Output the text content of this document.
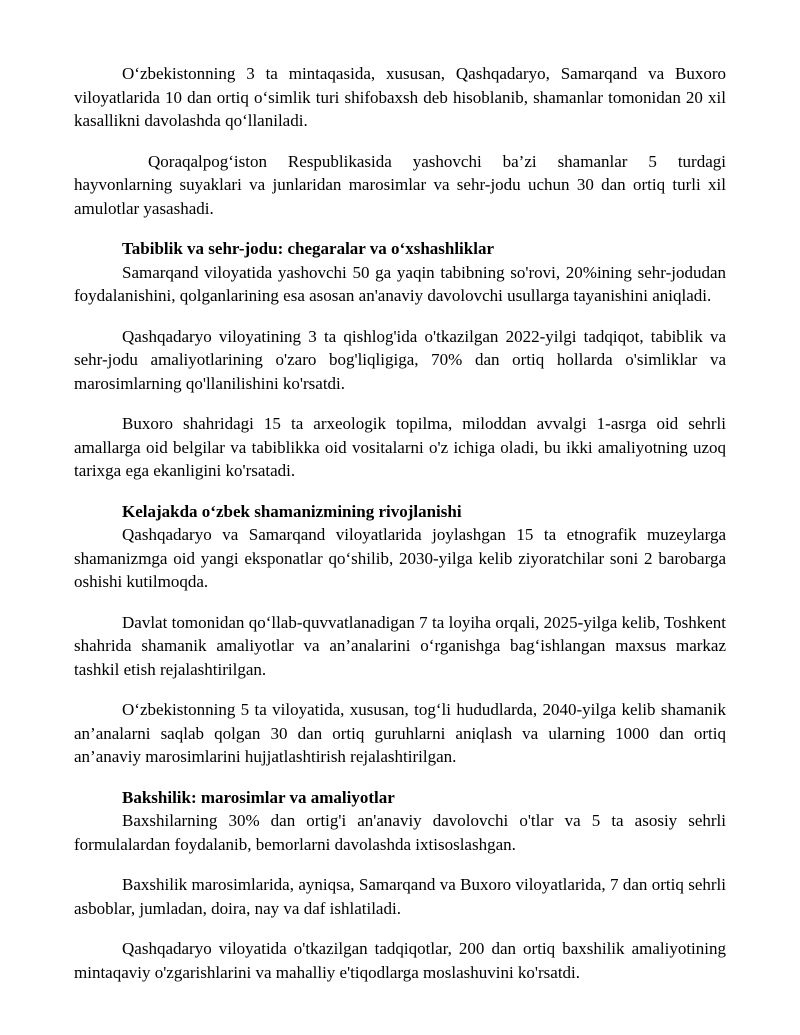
O‘zbekistonning 3 ta mintaqasida, xususan, Qashqadaryo, Samarqand va Buxoro viloyatlarida 10 dan ortiq o‘simlik turi shifobaxsh deb hisoblanib, shamanlar tomonidan 20 xil kasallikni davolashda qo‘llaniladi.

Qoraqalpog‘iston Respublikasida yashovchi ba’zi shamanlar 5 turdagi hayvonlarning suyaklari va junlaridan marosimlar va sehr-jodu uchun 30 dan ortiq turli xil amulotlar yasashadi.

Tabiblik va sehr-jodu: chegaralar va o‘xshashliklar

Samarqand viloyatida yashovchi 50 ga yaqin tabibning so'rovi, 20%ining sehr-jodudan foydalanishini, qolganlarining esa asosan an'anaviy davolovchi usullarga tayanishini aniqladi.

Qashqadaryo viloyatining 3 ta qishlog'ida o'tkazilgan 2022-yilgi tadqiqot, tabiblik va sehr-jodu amaliyotlarining o'zaro bog'liqligiga, 70% dan ortiq hollarda o'simliklar va marosimlarning qo'llanilishini ko'rsatdi.

Buxoro shahridagi 15 ta arxeologik topilma, miloddan avvalgi 1-asrga oid sehrli amallarga oid belgilar va tabiblikka oid vositalarni o'z ichiga oladi, bu ikki amaliyotning uzoq tarixga ega ekanligini ko'rsatadi.

Kelajakda o‘zbek shamanizmining rivojlanishi

Qashqadaryo va Samarqand viloyatlarida joylashgan 15 ta etnografik muzeylarga shamanizmga oid yangi eksponatlar qo‘shilib, 2030-yilga kelib ziyoratchilar soni 2 barobarga oshishi kutilmoqda.

Davlat tomonidan qo‘llab-quvvatlanadigan 7 ta loyiha orqali, 2025-yilga kelib, Toshkent shahrida shamanik amaliyotlar va an’analarini o‘rganishga bag‘ishlangan maxsus markaz tashkil etish rejalashtirilgan.

O‘zbekistonning 5 ta viloyatida, xususan, tog‘li hududlarda, 2040-yilga kelib shamanik an’analarni saqlab qolgan 30 dan ortiq guruhlarni aniqlash va ularning 1000 dan ortiq an’anaviy marosimlarini hujjatlashtirish rejalashtirilgan.

Bakshilik: marosimlar va amaliyotlar

Baxshilarning 30% dan ortig'i an'anaviy davolovchi o'tlar va 5 ta asosiy sehrli formulalardan foydalanib, bemorlarni davolashda ixtisoslashgan.

Baxshilik marosimlarida, ayniqsa, Samarqand va Buxoro viloyatlarida, 7 dan ortiq sehrli asboblar, jumladan, doira, nay va daf ishlatiladi.

Qashqadaryo viloyatida o'tkazilgan tadqiqotlar, 200 dan ortiq baxshilik amaliyotining mintaqaviy o'zgarishlarini va mahalliy e'tiqodlarga moslashuvini ko'rsatdi.
